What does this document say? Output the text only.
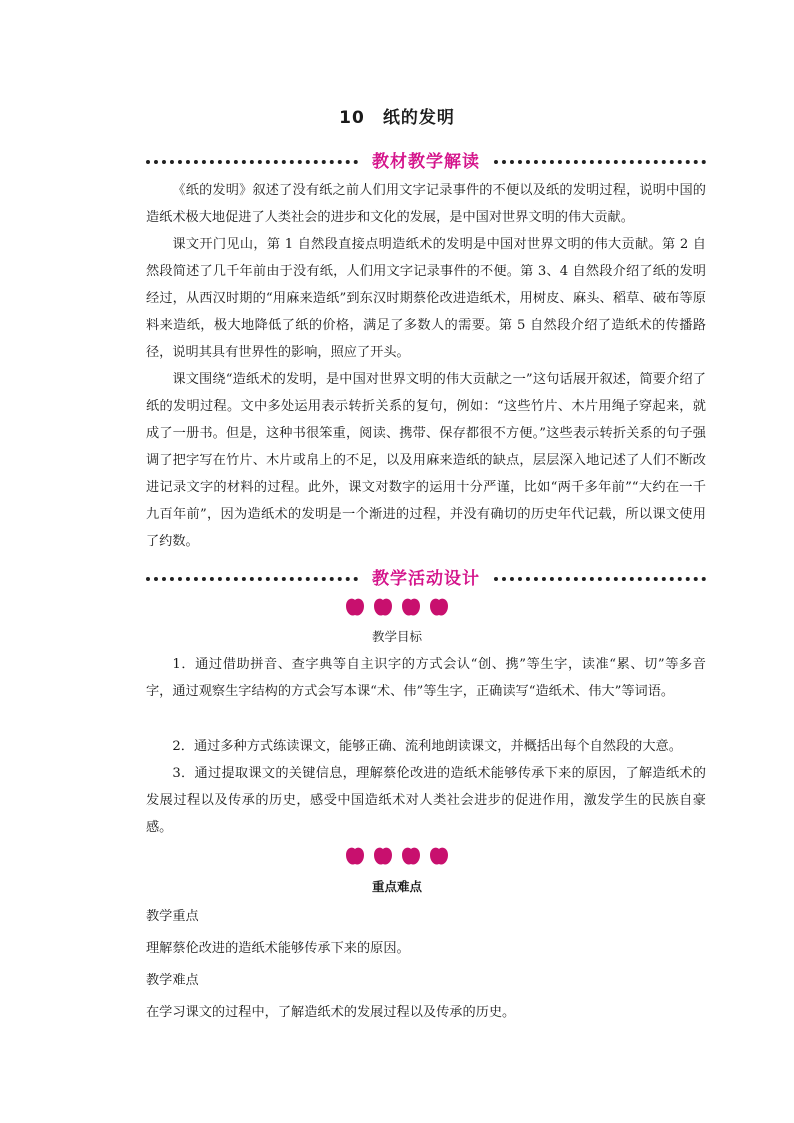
10　纸的发明
教材教学解读

《纸的发明》叙述了没有纸之前人们用文字记录事件的不便以及纸的发明过程，说明中国的造纸术极大地促进了人类社会的进步和文化的发展，是中国对世界文明的伟大贡献。

课文开门见山，第 1 自然段直接点明造纸术的发明是中国对世界文明的伟大贡献。第 2 自然段简述了几千年前由于没有纸，人们用文字记录事件的不便。第 3、4 自然段介绍了纸的发明经过，从西汉时期的“用麻来造纸”到东汉时期蔡伦改进造纸术，用树皮、麻头、稻草、破布等原料来造纸，极大地降低了纸的价格，满足了多数人的需要。第 5 自然段介绍了造纸术的传播路径，说明其具有世界性的影响，照应了开头。

课文围绕“造纸术的发明，是中国对世界文明的伟大贡献之一”这句话展开叙述，简要介绍了纸的发明过程。文中多处运用表示转折关系的复句，例如：“这些竹片、木片用绳子穿起来，就成了一册书。但是，这种书很笨重，阅读、携带、保存都很不方便。”这些表示转折关系的句子强调了把字写在竹片、木片或帛上的不足，以及用麻来造纸的缺点，层层深入地记述了人们不断改进记录文字的材料的过程。此外，课文对数字的运用十分严谨，比如“两千多年前”“大约在一千九百年前”，因为造纸术的发明是一个渐进的过程，并没有确切的历史年代记载，所以课文使用了约数。

教学活动设计

教学目标

1．通过借助拼音、查字典等自主识字的方式会认“创、携”等生字，读准“累、切”等多音字，通过观察生字结构的方式会写本课“术、伟”等生字，正确读写“造纸术、伟大”等词语。

2．通过多种方式练读课文，能够正确、流利地朗读课文，并概括出每个自然段的大意。

3．通过提取课文的关键信息，理解蔡伦改进的造纸术能够传承下来的原因，了解造纸术的发展过程以及传承的历史，感受中国造纸术对人类社会进步的促进作用，激发学生的民族自豪感。

重点难点

教学重点

理解蔡伦改进的造纸术能够传承下来的原因。

教学难点

在学习课文的过程中，了解造纸术的发展过程以及传承的历史。
